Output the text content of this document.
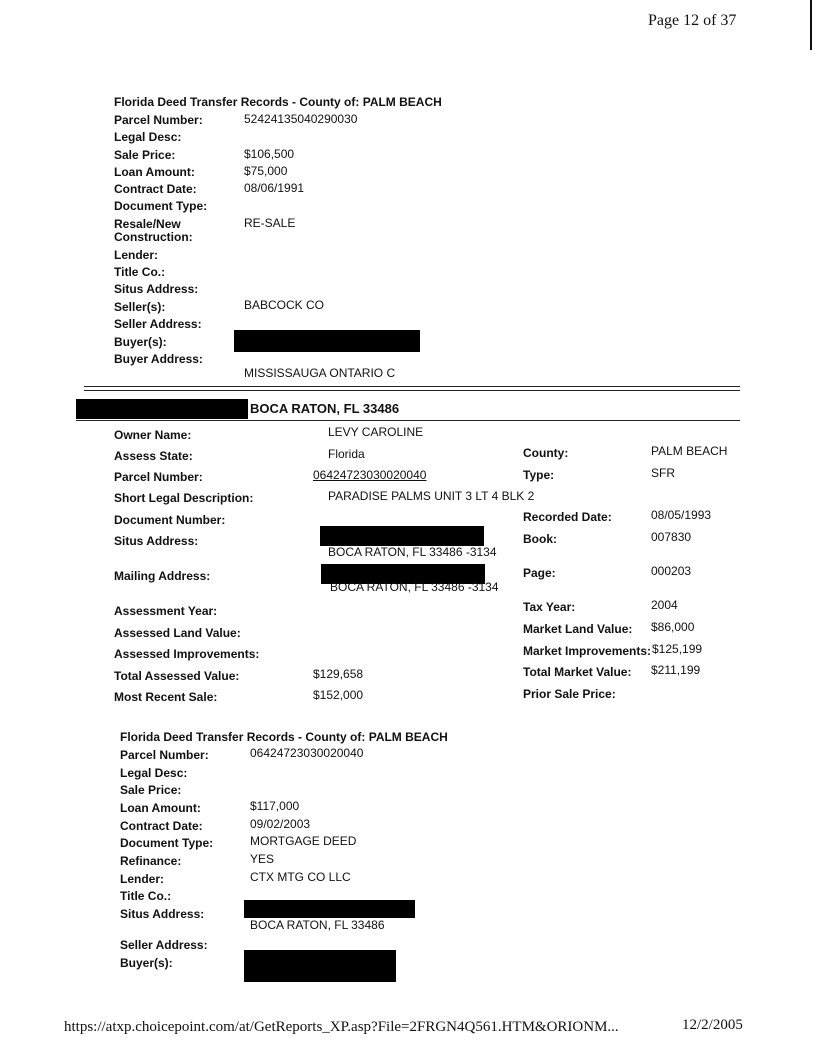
Page 12 of 37
Florida Deed Transfer Records - County of: PALM BEACH
Parcel Number:	52424135040290030
Legal Desc:
Sale Price:	$106,500
Loan Amount:	$75,000
Contract Date:	08/06/1991
Document Type:
Resale/New
Construction:
RE-SALE
Lender:
Title Co.:
Situs Address:
Seller(s):	BABCOCK CO
Seller Address:
Buyer(s):
Buyer Address:
MISSISSAUGA ONTARIO C
BOCA RATON, FL 33486
Owner Name:	LEVY CAROLINE
Assess State:	Florida
Parcel Number:	06424723030020040
Short Legal Description:	PARADISE PALMS UNIT 3 LT 4 BLK 2
Document Number:
Situs Address:
BOCA RATON, FL 33486 -3134
Mailing Address:
BOCA RATON, FL 33486 -3134
Assessment Year:
Assessed Land Value:
Assessed Improvements:
Total Assessed Value:	$129,658
Most Recent Sale:	$152,000
County:	PALM BEACH
Type:	SFR
Recorded Date:	08/05/1993
Book:	007830
Page:	000203
Tax Year:	2004
Market Land Value: $86,000
Market Improvements: $125,199
Total Market Value: $211,199
Prior Sale Price:
Florida Deed Transfer Records - County of: PALM BEACH
Parcel Number:	06424723030020040
Legal Desc:
Sale Price:
Loan Amount:	$117,000
Contract Date:	09/02/2003
Document Type:	MORTGAGE DEED
Refinance:	YES
Lender:	CTX MTG CO LLC
Title Co.:
Situs Address:
BOCA RATON, FL 33486
Seller Address:
Buyer(s):
https://atxp.choicepoint.com/at/GetReports_XP.asp?File=2FRGN4Q561.HTM&ORIONM...	12/2/2005
